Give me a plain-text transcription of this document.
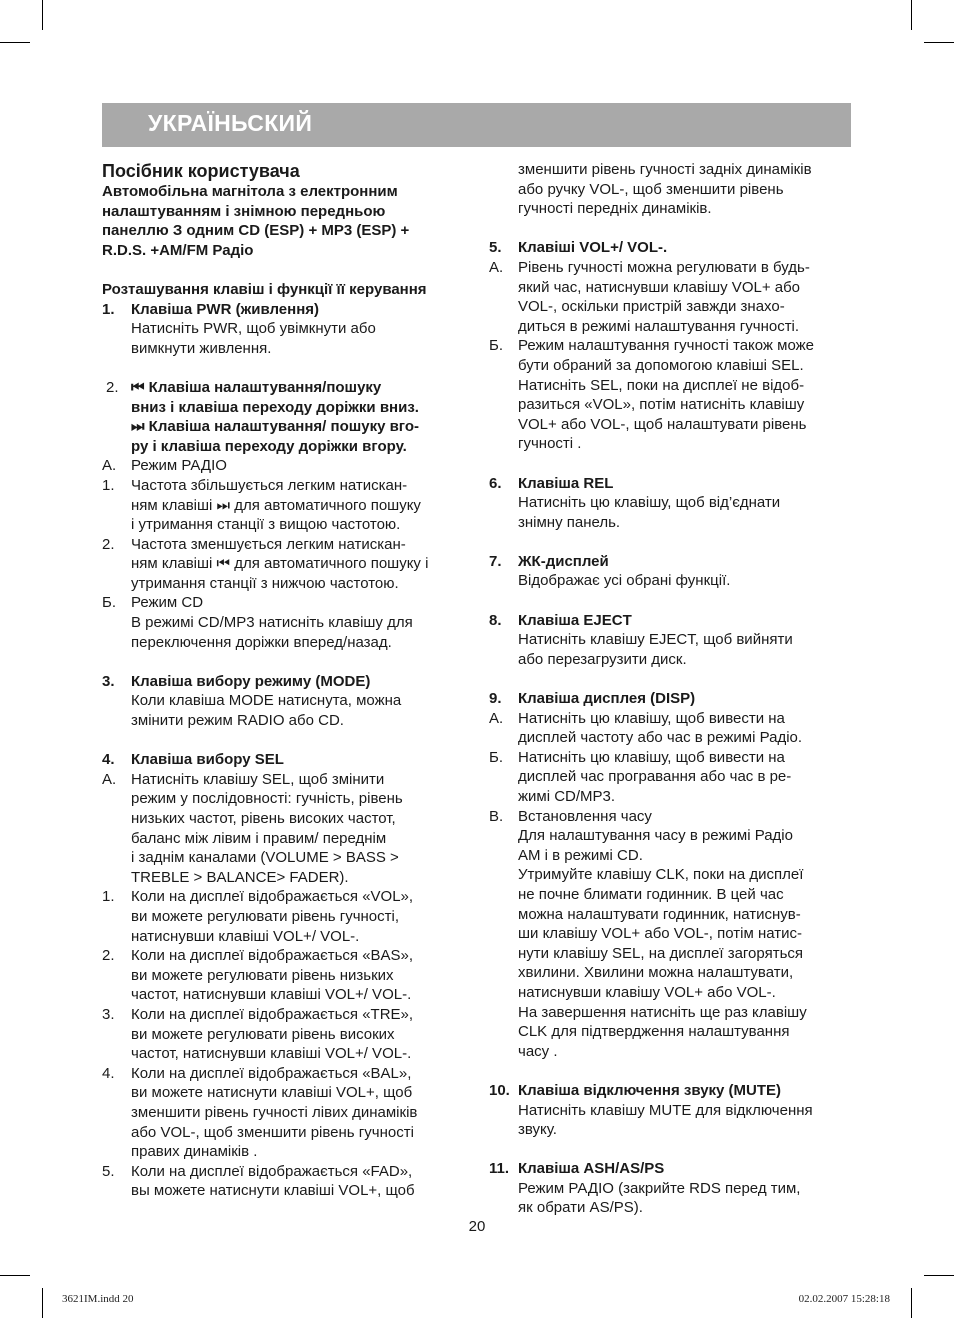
УКРАЇНЬСКИЙ
Посібник користувача
Автомобільна магнітола з електронним
налаштуванням і знімною передньою
панеллю З одним CD (ESP) + MP3 (ESP) +
R.D.S. +AM/FM Радіо
Розташування клавіш і функції її керування
1.	Клавіша PWR (живлення)
Натисніть PWR, щоб увімкнути або
вимкнути живлення.
2. ⏮ Клавіша налаштування/пошуку
вниз і клавіша переходу доріжки вниз.
⏭ Клавіша налаштування/ пошуку вго-
ру і клавіша переходу доріжки вгору.
А. Режим РАДІО
1.	Частота збільшується легким натискан-
ням клавіші ⏭ для автоматичного пошуку
і утримання станції з вищою частотою.
2.	Частота зменшується легким натискан-
ням клавіші ⏮ для автоматичного пошуку і
утримання станції з нижчою частотою.
Б. Режим CD
В режимі CD/MP3 натисніть клавішу для
переключення доріжки вперед/назад.
3.	Клавіша вибору режиму (MODE)
Коли клавіша MODE натиснута, можна
змінити режим RADIO або CD.
4.	Клавіша вибору SEL
А. Натисніть клавішу SEL, щоб змінити
режим у послідовності: гучність, рівень
низьких частот, рівень високих частот,
баланс між лівим і правим/ переднім
і заднім каналами (VOLUME > BASS >
TREBLE > BALANCE> FADER).
1.	Коли на дисплеї відображається «VOL»,
ви можете регулювати рівень гучності,
натиснувши клавіші VOL+/ VOL-.
2.	Коли на дисплеї відображається «BAS»,
ви можете регулювати рівень низьких
частот, натиснувши клавіші VOL+/ VOL-.
3.	Коли на дисплеї відображається «TRE»,
ви можете регулювати рівень високих
частот, натиснувши клавіші VOL+/ VOL-.
4.	Коли на дисплеї відображається «BAL»,
ви можете натиснути клавіші VOL+, щоб
зменшити рівень гучності лівих динаміків
або VOL-, щоб зменшити рівень гучності
правих динаміків .
5.	Коли на дисплеї відображається «FAD»,
вы можете натиснути клавіші VOL+, щоб
зменшити рівень гучності задніх динаміків
або ручку VOL-, щоб зменшити рівень
гучності передніх динаміків.
5.	Клавіші VOL+/ VOL-.
А. Рівень гучності можна регулювати в будь-
який час, натиснувши клавішу VOL+ або
VOL-, оскільки пристрій завжди знахо-
диться в режимі налаштування гучності.
Б. Режим налаштування гучності також може
бути обраний за допомогою клавіші SEL.
Натисніть SEL, поки на дисплеї не відоб-
разиться «VOL», потім натисніть клавішу
VOL+ або VOL-, щоб налаштувати рівень
гучності .
6.	Клавіша REL
Натисніть цю клавішу, щоб від’єднати
знімну панель.
7.	ЖК-дисплей
Відображає усі обрані функції.
8.	Клавіша EJECT
Натисніть клавішу EJECT, щоб вийняти
або перезагрузити диск.
9.	Клавіша дисплея (DISP)
А. Натисніть цю клавішу, щоб вивести на
дисплей частоту або час в режимі Радіо.
Б. Натисніть цю клавішу, щоб вивести на
дисплей час програвання або час в ре-
жимі CD/MP3.
В. Встановлення часу
Для налаштування часу в режимі Радіо
AM і в режимі CD.
Утримуйте клавішу CLK, поки на дисплеї
не почне блимати годинник. В цей час
можна налаштувати годинник, натиснув-
ши клавішу VOL+ або VOL-, потім натис-
нути клавішу SEL, на дисплеї загоряться
хвилини. Хвилини можна налаштувати,
натиснувши клавішу VOL+ або VOL-.
На завершення натисніть ще раз клавішу
CLK для підтвердження налаштування
часу .
10. Клавіша відключення звуку (MUTE)
Натисніть клавішу MUTE для відключення
звуку.
11. Клавіша ASH/AS/PS
Режим РАДІО (закрийте RDS перед тим,
як обрати AS/PS).
20
3621IM.indd 20	02.02.2007 15:28:18
